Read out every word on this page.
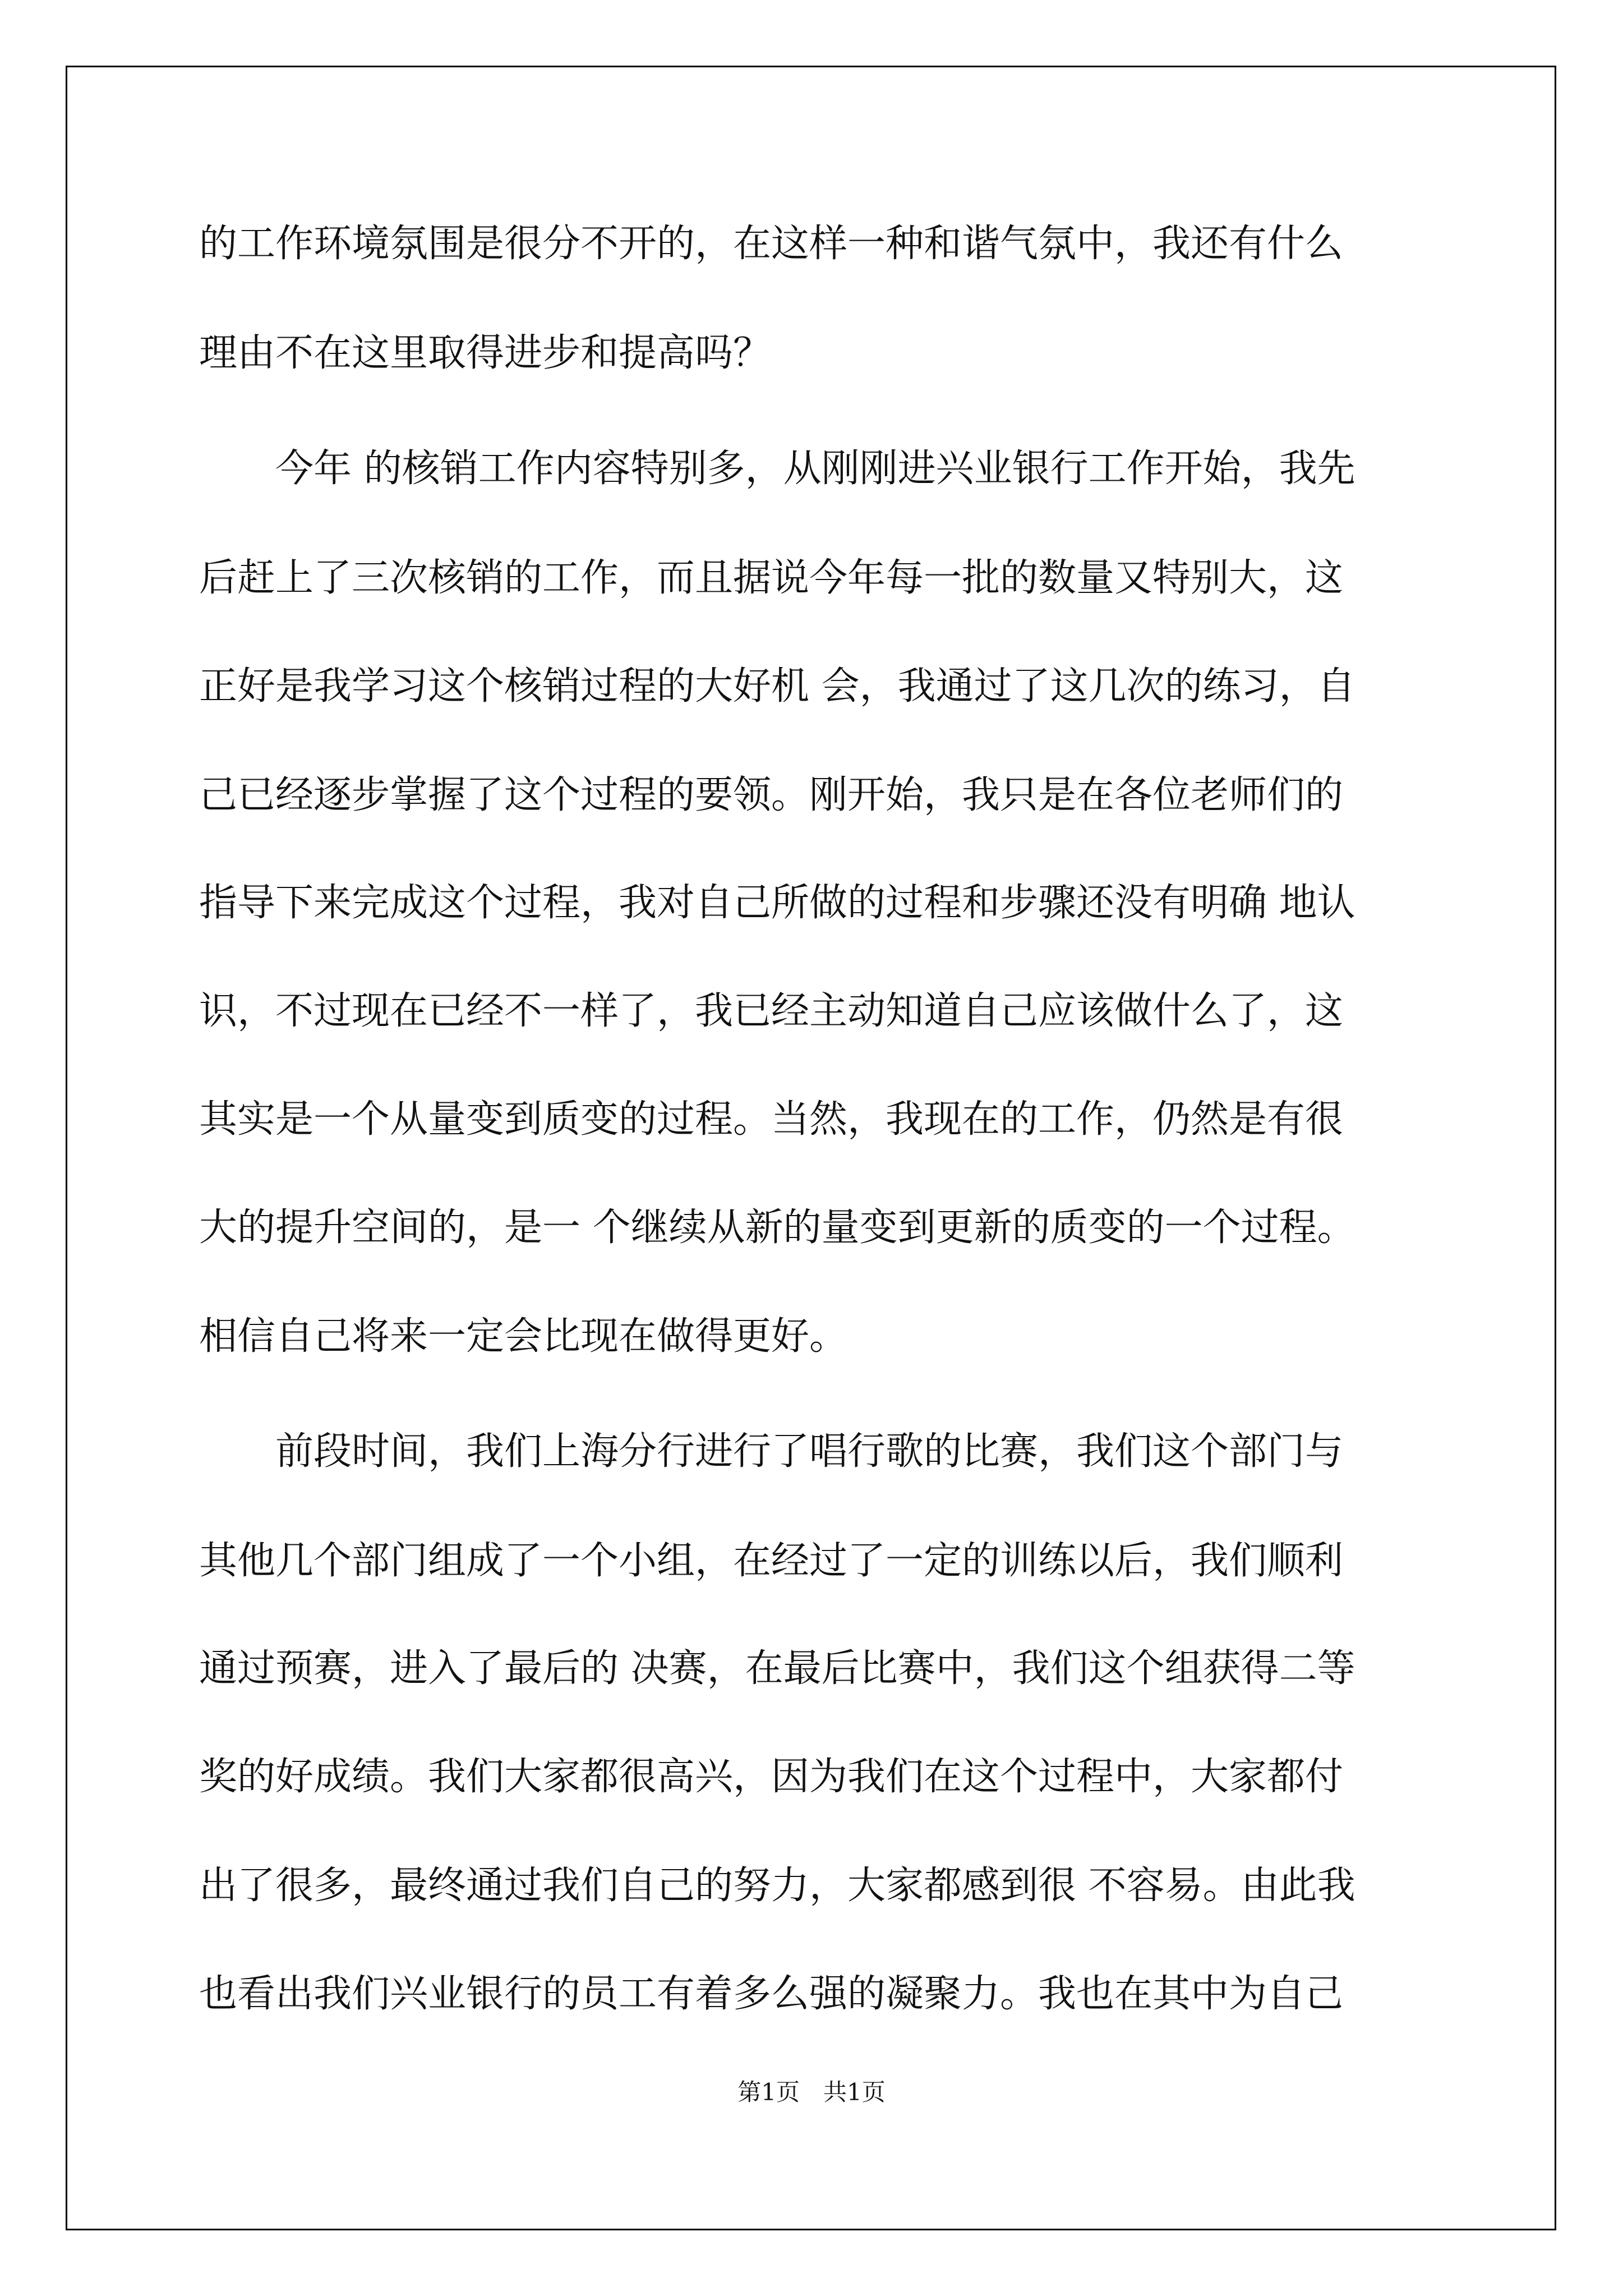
的工作环境氛围是很分不开的，在这样一种和谐气氛中，我还有什么
理由不在这里取得进步和提高吗？
　　今年 的核销工作内容特别多，从刚刚进兴业银行工作开始，我先
后赶上了三次核销的工作，而且据说今年每一批的数量又特别大，这
正好是我学习这个核销过程的大好机 会，我通过了这几次的练习，自
己已经逐步掌握了这个过程的要领。刚开始，我只是在各位老师们的
指导下来完成这个过程，我对自己所做的过程和步骤还没有明确 地认
识，不过现在已经不一样了，我已经主动知道自己应该做什么了，这
其实是一个从量变到质变的过程。当然，我现在的工作，仍然是有很
大的提升空间的，是一 个继续从新的量变到更新的质变的一个过程。
相信自己将来一定会比现在做得更好。
　　前段时间，我们上海分行进行了唱行歌的比赛，我们这个部门与
其他几个部门组成了一个小组，在经过了一定的训练以后，我们顺利
通过预赛，进入了最后的 决赛，在最后比赛中，我们这个组获得二等
奖的好成绩。我们大家都很高兴，因为我们在这个过程中，大家都付
出了很多，最终通过我们自己的努力，大家都感到很 不容易。由此我
也看出我们兴业银行的员工有着多么强的凝聚力。我也在其中为自己
第1页　共1页
